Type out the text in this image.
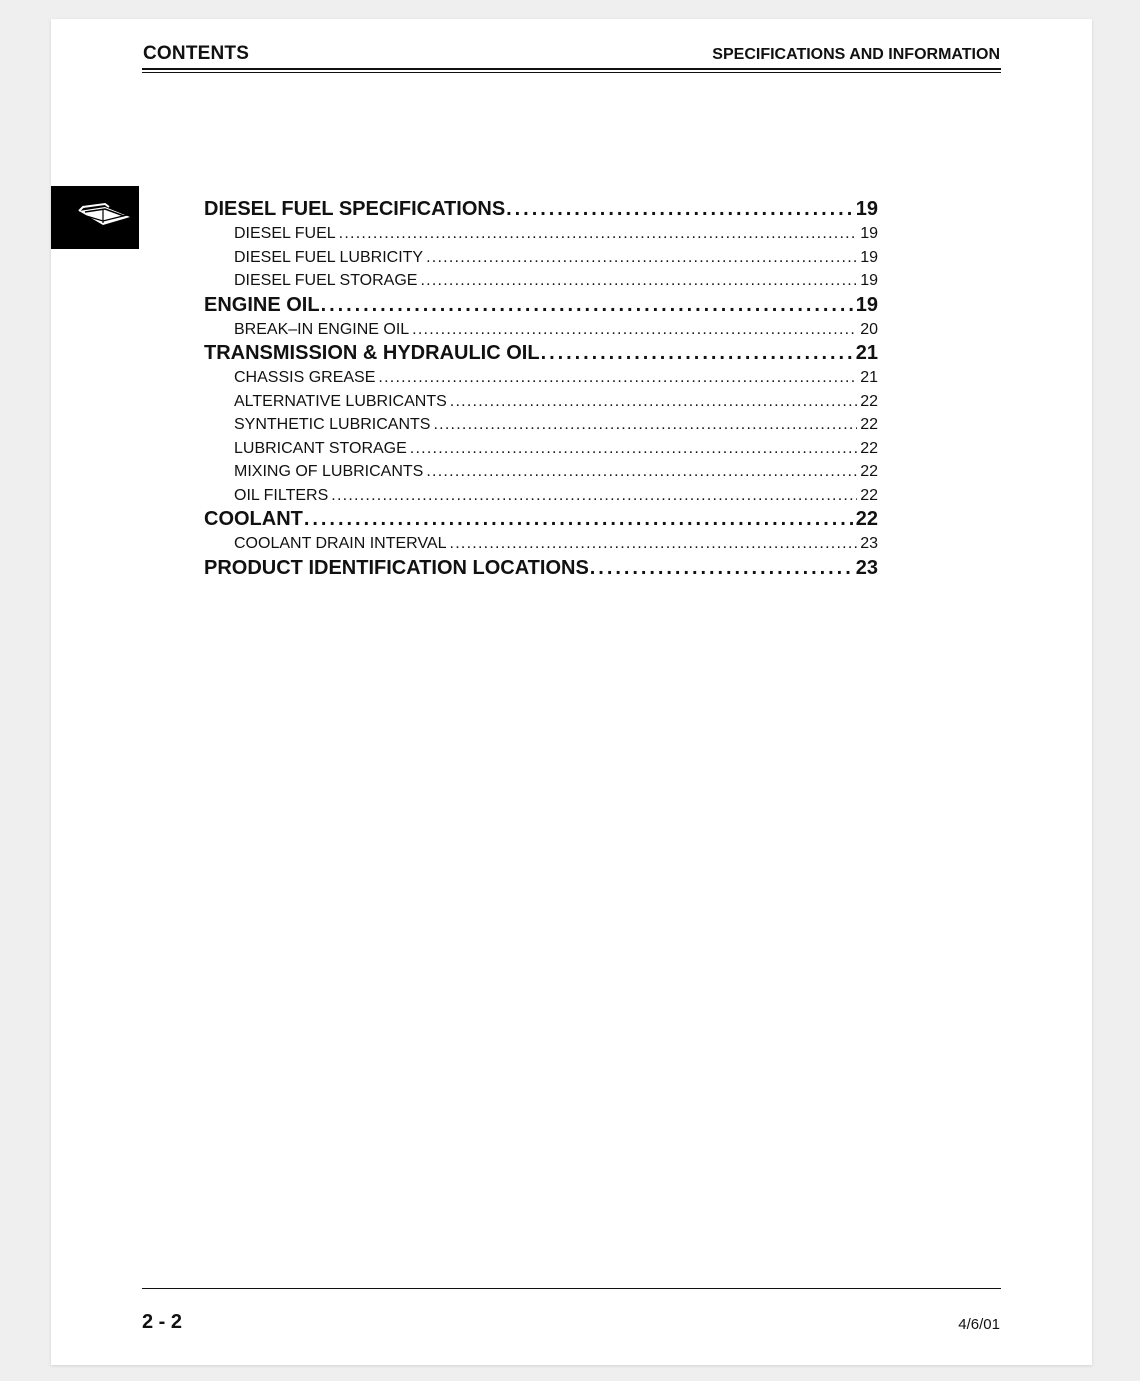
CONTENTS	SPECIFICATIONS AND INFORMATION
DIESEL FUEL SPECIFICATIONS . . .	19
DIESEL FUEL . . .	19
DIESEL FUEL LUBRICITY . . .	19
DIESEL FUEL STORAGE . . .	19
ENGINE OIL . . .	19
BREAK–IN ENGINE OIL . . .	20
TRANSMISSION & HYDRAULIC OIL . . .	21
CHASSIS GREASE . . .	21
ALTERNATIVE LUBRICANTS . . .	22
SYNTHETIC LUBRICANTS . . .	22
LUBRICANT STORAGE . . .	22
MIXING OF LUBRICANTS . . .	22
OIL FILTERS . . .	22
COOLANT . . .	22
COOLANT DRAIN INTERVAL . . .	23
PRODUCT IDENTIFICATION LOCATIONS . . .	23
2 - 2	4/6/01
